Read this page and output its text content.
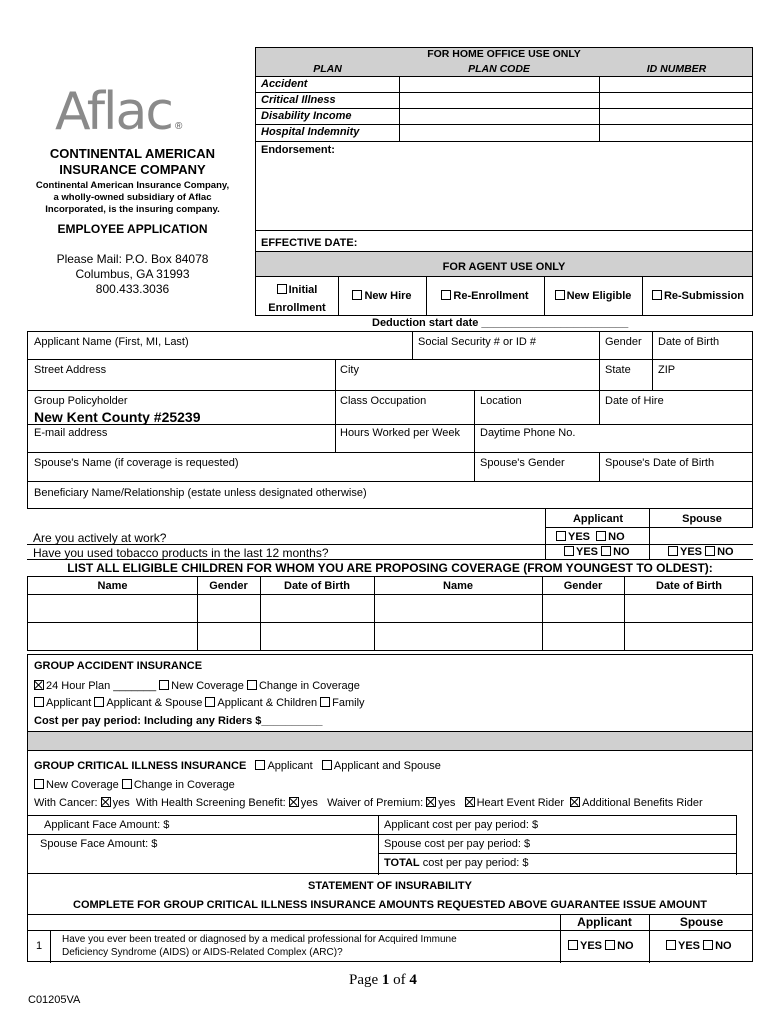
Aflac ®
CONTINENTAL AMERICAN
INSURANCE COMPANY
Continental American Insurance Company,
a wholly-owned subsidiary of Aflac
Incorporated, is the insuring company.
EMPLOYEE APPLICATION
Please Mail: P.O. Box 84078
Columbus, GA 31993
800.433.3036
FOR HOME OFFICE USE ONLY
PLAN	PLAN CODE	ID NUMBER
Accident
Critical Illness
Disability Income
Hospital Indemnity
Endorsement:
EFFECTIVE DATE:
FOR AGENT USE ONLY
Initial
Enrollment
New Hire	Re-Enrollment	New Eligible	Re-Submission
Deduction start date ________________________
Applicant Name (First, MI, Last)	Social Security # or ID #	Gender Date of Birth
Street Address	City	State ZIP
Group Policyholder
New Kent County #25239
Class Occupation	Location	Date of Hire
E-mail address	Hours Worked per Week Daytime Phone No.
Spouse's Name (if coverage is requested)	Spouse's Gender	Spouse's Date of Birth
Beneficiary Name/Relationship (estate unless designated otherwise)
Applicant	Spouse
Are you actively at work?	YES NO
Have you used tobacco products in the last 12 months?	YES NO	YES NO
LIST ALL ELIGIBLE CHILDREN FOR WHOM YOU ARE PROPOSING COVERAGE (FROM YOUNGEST TO OLDEST):
Name	Gender	Date of Birth	Name	Gender	Date of Birth
GROUP ACCIDENT INSURANCE
24 Hour Plan _______ New Coverage Change in Coverage
Applicant Applicant & Spouse Applicant & Children Family
Cost per pay period: Including any Riders $__________
GROUP CRITICAL ILLNESS INSURANCE Applicant Applicant and Spouse
New Coverage Change in Coverage
With Cancer: yes With Health Screening Benefit: yes Waiver of Premium: yes Heart Event Rider Additional Benefits Rider
Applicant Face Amount: $
Spouse Face Amount: $
Applicant cost per pay period: $
Spouse cost per pay period: $
TOTAL cost per pay period: $
STATEMENT OF INSURABILITY
COMPLETE FOR GROUP CRITICAL ILLNESS INSURANCE AMOUNTS REQUESTED ABOVE GUARANTEE ISSUE AMOUNT
Applicant	Spouse
1
Have you ever been treated or diagnosed by a medical professional for Acquired Immune
Deficiency Syndrome (AIDS) or AIDS-Related Complex (ARC)?
YES NO	YES NO
Page 1 of 4
C01205VA
